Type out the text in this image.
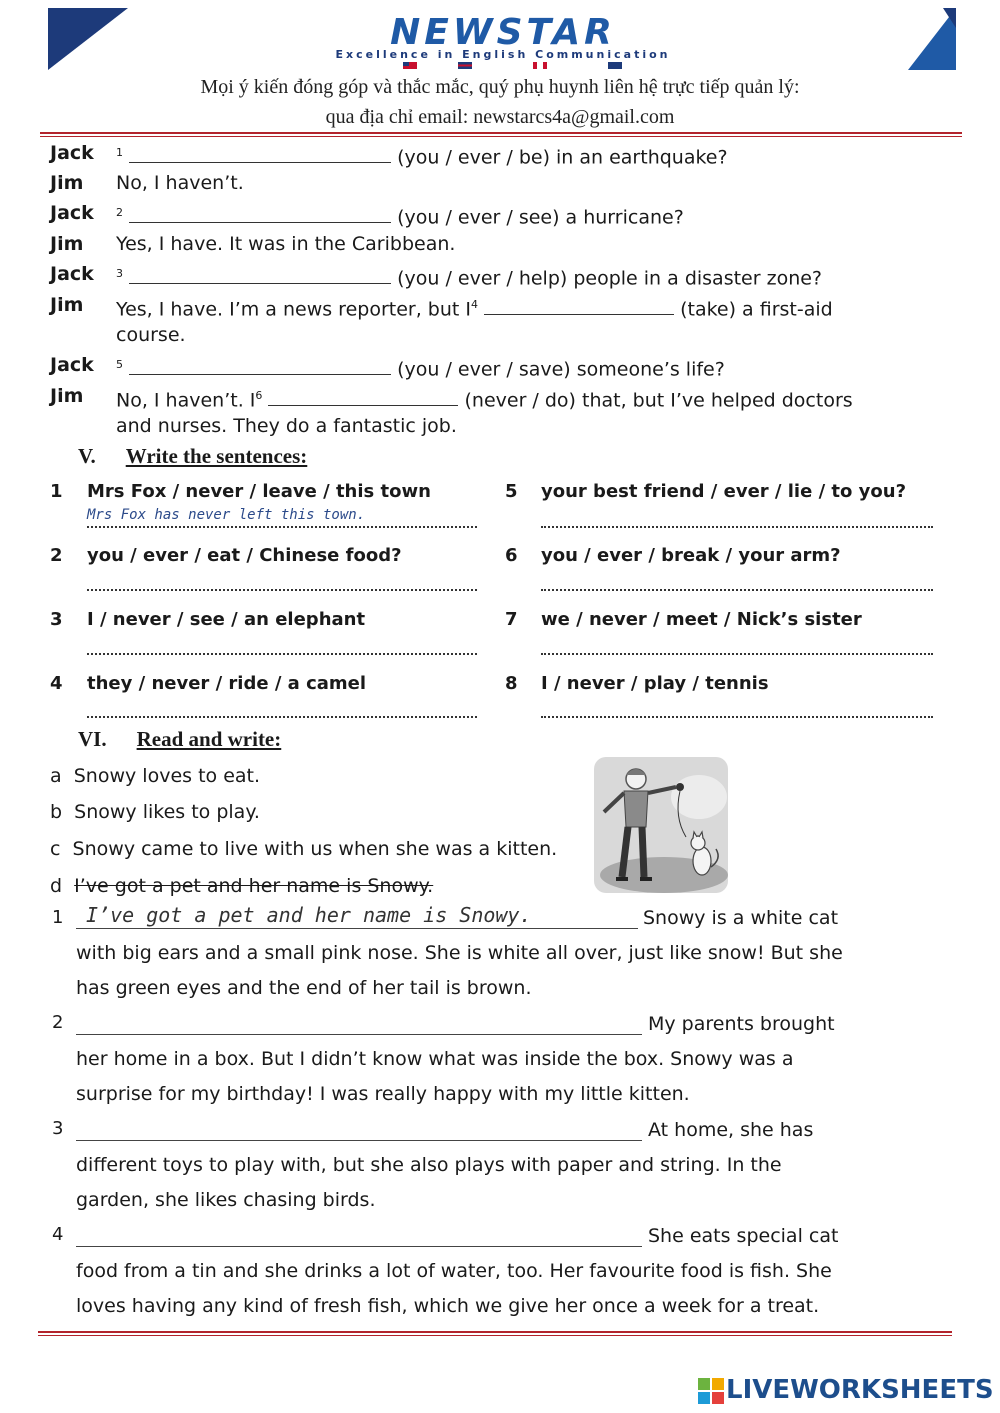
NEWSTAR
Excellence in English Communication
Mọi ý kiến đóng góp và thắc mắc, quý phụ huynh liên hệ trực tiếp quản lý:
qua địa chỉ email: newstarcs4a@gmail.com
Jack $^1$	(you / ever / be) in an earthquake?
Jim No, I haven’t.
Jack $^2$	(you / ever / see) a hurricane?
Jim Yes, I have. It was in the Caribbean.
Jack $^3$	(you / ever / help) people in a disaster zone?
Jim Yes, I have. I’m a news reporter, but $I^4$	(take) a first-aid
course.
Jack $^5$	(you / ever / save) someone’s life?
Jim No, I haven’t. $I^6$	(never / do) that, but I’ve helped doctors
and nurses. They do a fantastic job.
V. Write the sentences:
1 Mrs Fox / never / leave / this town
Mrs Fox has never left this town.
2 you / ever / eat / Chinese food?
3 I / never / see / an elephant
4 they / never / ride / a camel
5 your best friend / ever / lie / to you?
6 you / ever / break / your arm?
7 we / never / meet / Nick’s sister
8 I / never / play / tennis
VI. Read and write:
a Snowy loves to eat.
b Snowy likes to play.
c Snowy came to live with us when she was a kitten.
d I’ve got a pet and her name is Snowy.
1 I’ve got a pet and her name is Snowy.	Snowy is a white cat
with big ears and a small pink nose. She is white all over, just like snow! But she
has green eyes and the end of her tail is brown.
2	My parents brought
her home in a box. But I didn’t know what was inside the box. Snowy was a
surprise for my birthday! I was really happy with my little kitten.
3	At home, she has
different toys to play with, but she also plays with paper and string. In the
garden, she likes chasing birds.
4	She eats special cat
food from a tin and she drinks a lot of water, too. Her favourite food is fish. She
loves having any kind of fresh fish, which we give her once a week for a treat.
LIVEWORKSHEETS
